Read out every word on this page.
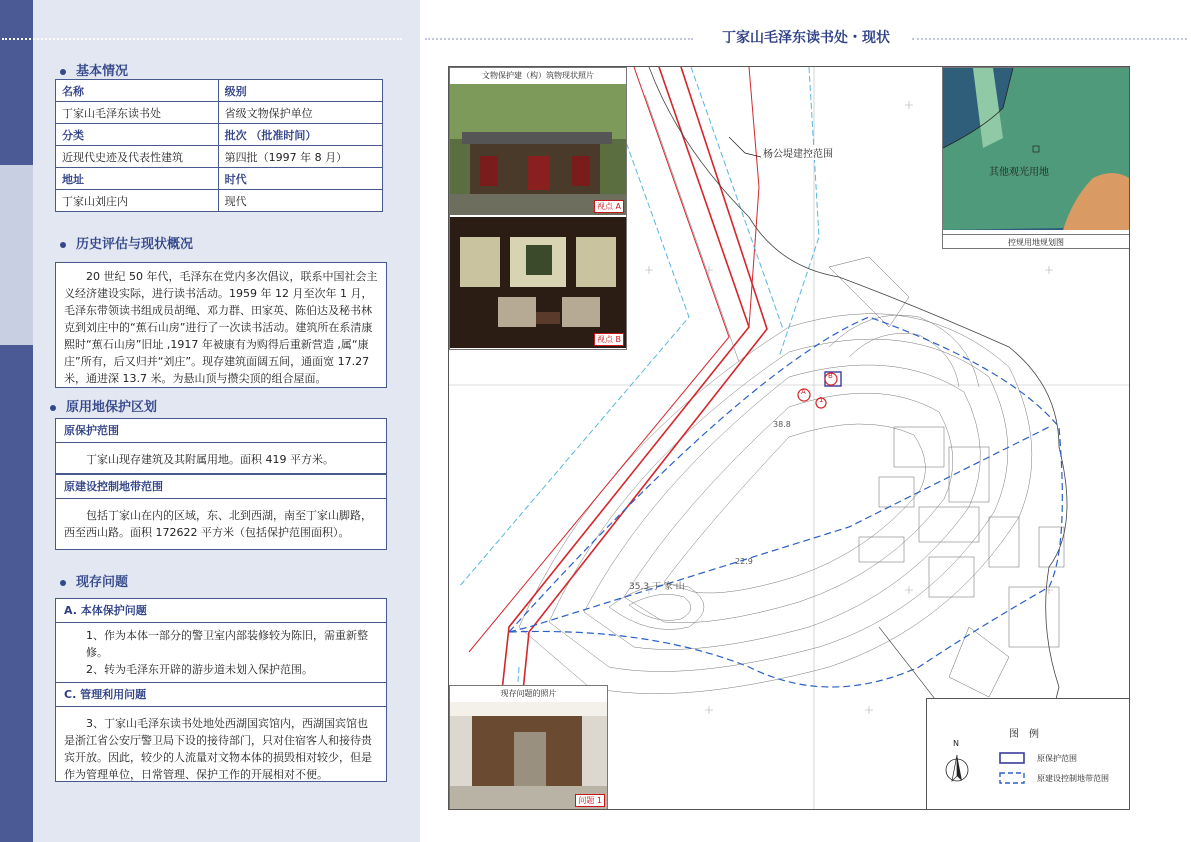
丁家山毛泽东读书处・现状
基本情况
名称	级别
丁家山毛泽东读书处	省级文物保护单位
分类	批次 （批准时间）
近现代史迹及代表性建筑	第四批（1997 年 8 月）
地址	时代
丁家山刘庄内	现代
历史评估与现状概况
20 世纪 50 年代，毛泽东在党内多次倡议，联系中国社会主义经济建设实际，进行读书活动。1959 年 12 月至次年 1 月，毛泽东带领读书组成员胡绳、邓力群、田家英、陈伯达及秘书林克到刘庄中的“蕉石山房”进行了一次读书活动。建筑所在系清康熙时“蕉石山房”旧址 ,1917 年被康有为购得后重新营造 ,属“康庄”所有，后又归并“刘庄”。现存建筑面阔五间，通面宽 17.27 米，通进深 13.7 米。为悬山顶与攒尖顶的组合屋面。
原用地保护区划
原保护范围
丁家山现存建筑及其附属用地。面积 419 平方米。
原建设控制地带范围
包括丁家山在内的区域，东、北到西湖，南至丁家山脚路，西至西山路。面积 172622 平方米（包括保护范围面积）。
现存问题
A. 本体保护问题
1、作为本体一部分的警卫室内部装修较为陈旧，需重新整修。
2、转为毛泽东开辟的游步道未划入保护范围。
C. 管理利用问题
3、丁家山毛泽东读书处地处西湖国宾馆内，西湖国宾馆也是浙江省公安厅警卫局下设的接待部门，只对住宿客人和接待贵宾开放。因此，较少的人流量对文物本体的损毁相对较少，但是作为管理单位，日常管理、保护工作的开展相对不便。
杨公堤建控范围
35.3 丁 家 山
38.8
22.9
A
B
1
文物保护建（构）筑物现状照片
视点 A
视点 B
其他观光用地
控规用地规划图
现存问题的照片
问题 1
图　例
N
原保护范围
原建设控制地带范围
